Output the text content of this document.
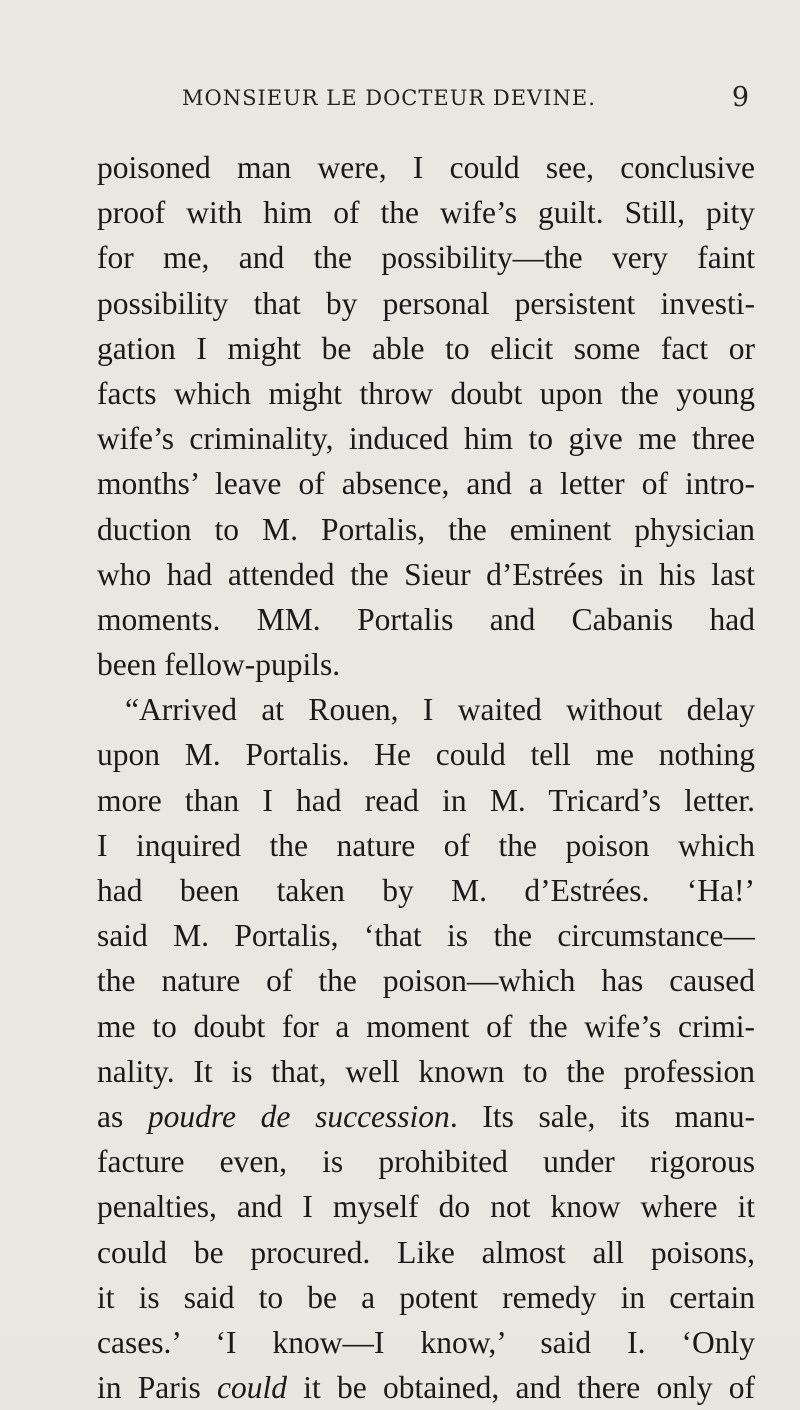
MONSIEUR LE DOCTEUR DEVINE.	9
poisoned man were, I could see, conclusive
proof with him of the wife’s guilt. Still, pity
for me, and the possibility—the very faint
possibility that by personal persistent investi-
gation I might be able to elicit some fact or
facts which might throw doubt upon the young
wife’s criminality, induced him to give me three
months’ leave of absence, and a letter of intro-
duction to M. Portalis, the eminent physician
who had attended the Sieur d’Estrées in his last
moments. MM. Portalis and Cabanis had
been fellow-pupils.
“Arrived at Rouen, I waited without delay
upon M. Portalis. He could tell me nothing
more than I had read in M. Tricard’s letter.
I inquired the nature of the poison which
had been taken by M. d’Estrées. ‘Ha!’
said M. Portalis, ‘that is the circumstance—
the nature of the poison—which has caused
me to doubt for a moment of the wife’s crimi-
nality. It is that, well known to the profession
as poudre de succession. Its sale, its manu-
facture even, is prohibited under rigorous
penalties, and I myself do not know where it
could be procured. Like almost all poisons,
it is said to be a potent remedy in certain
cases.’ ‘I know—I know,’ said I. ‘Only
in Paris could it be obtained, and there only of
